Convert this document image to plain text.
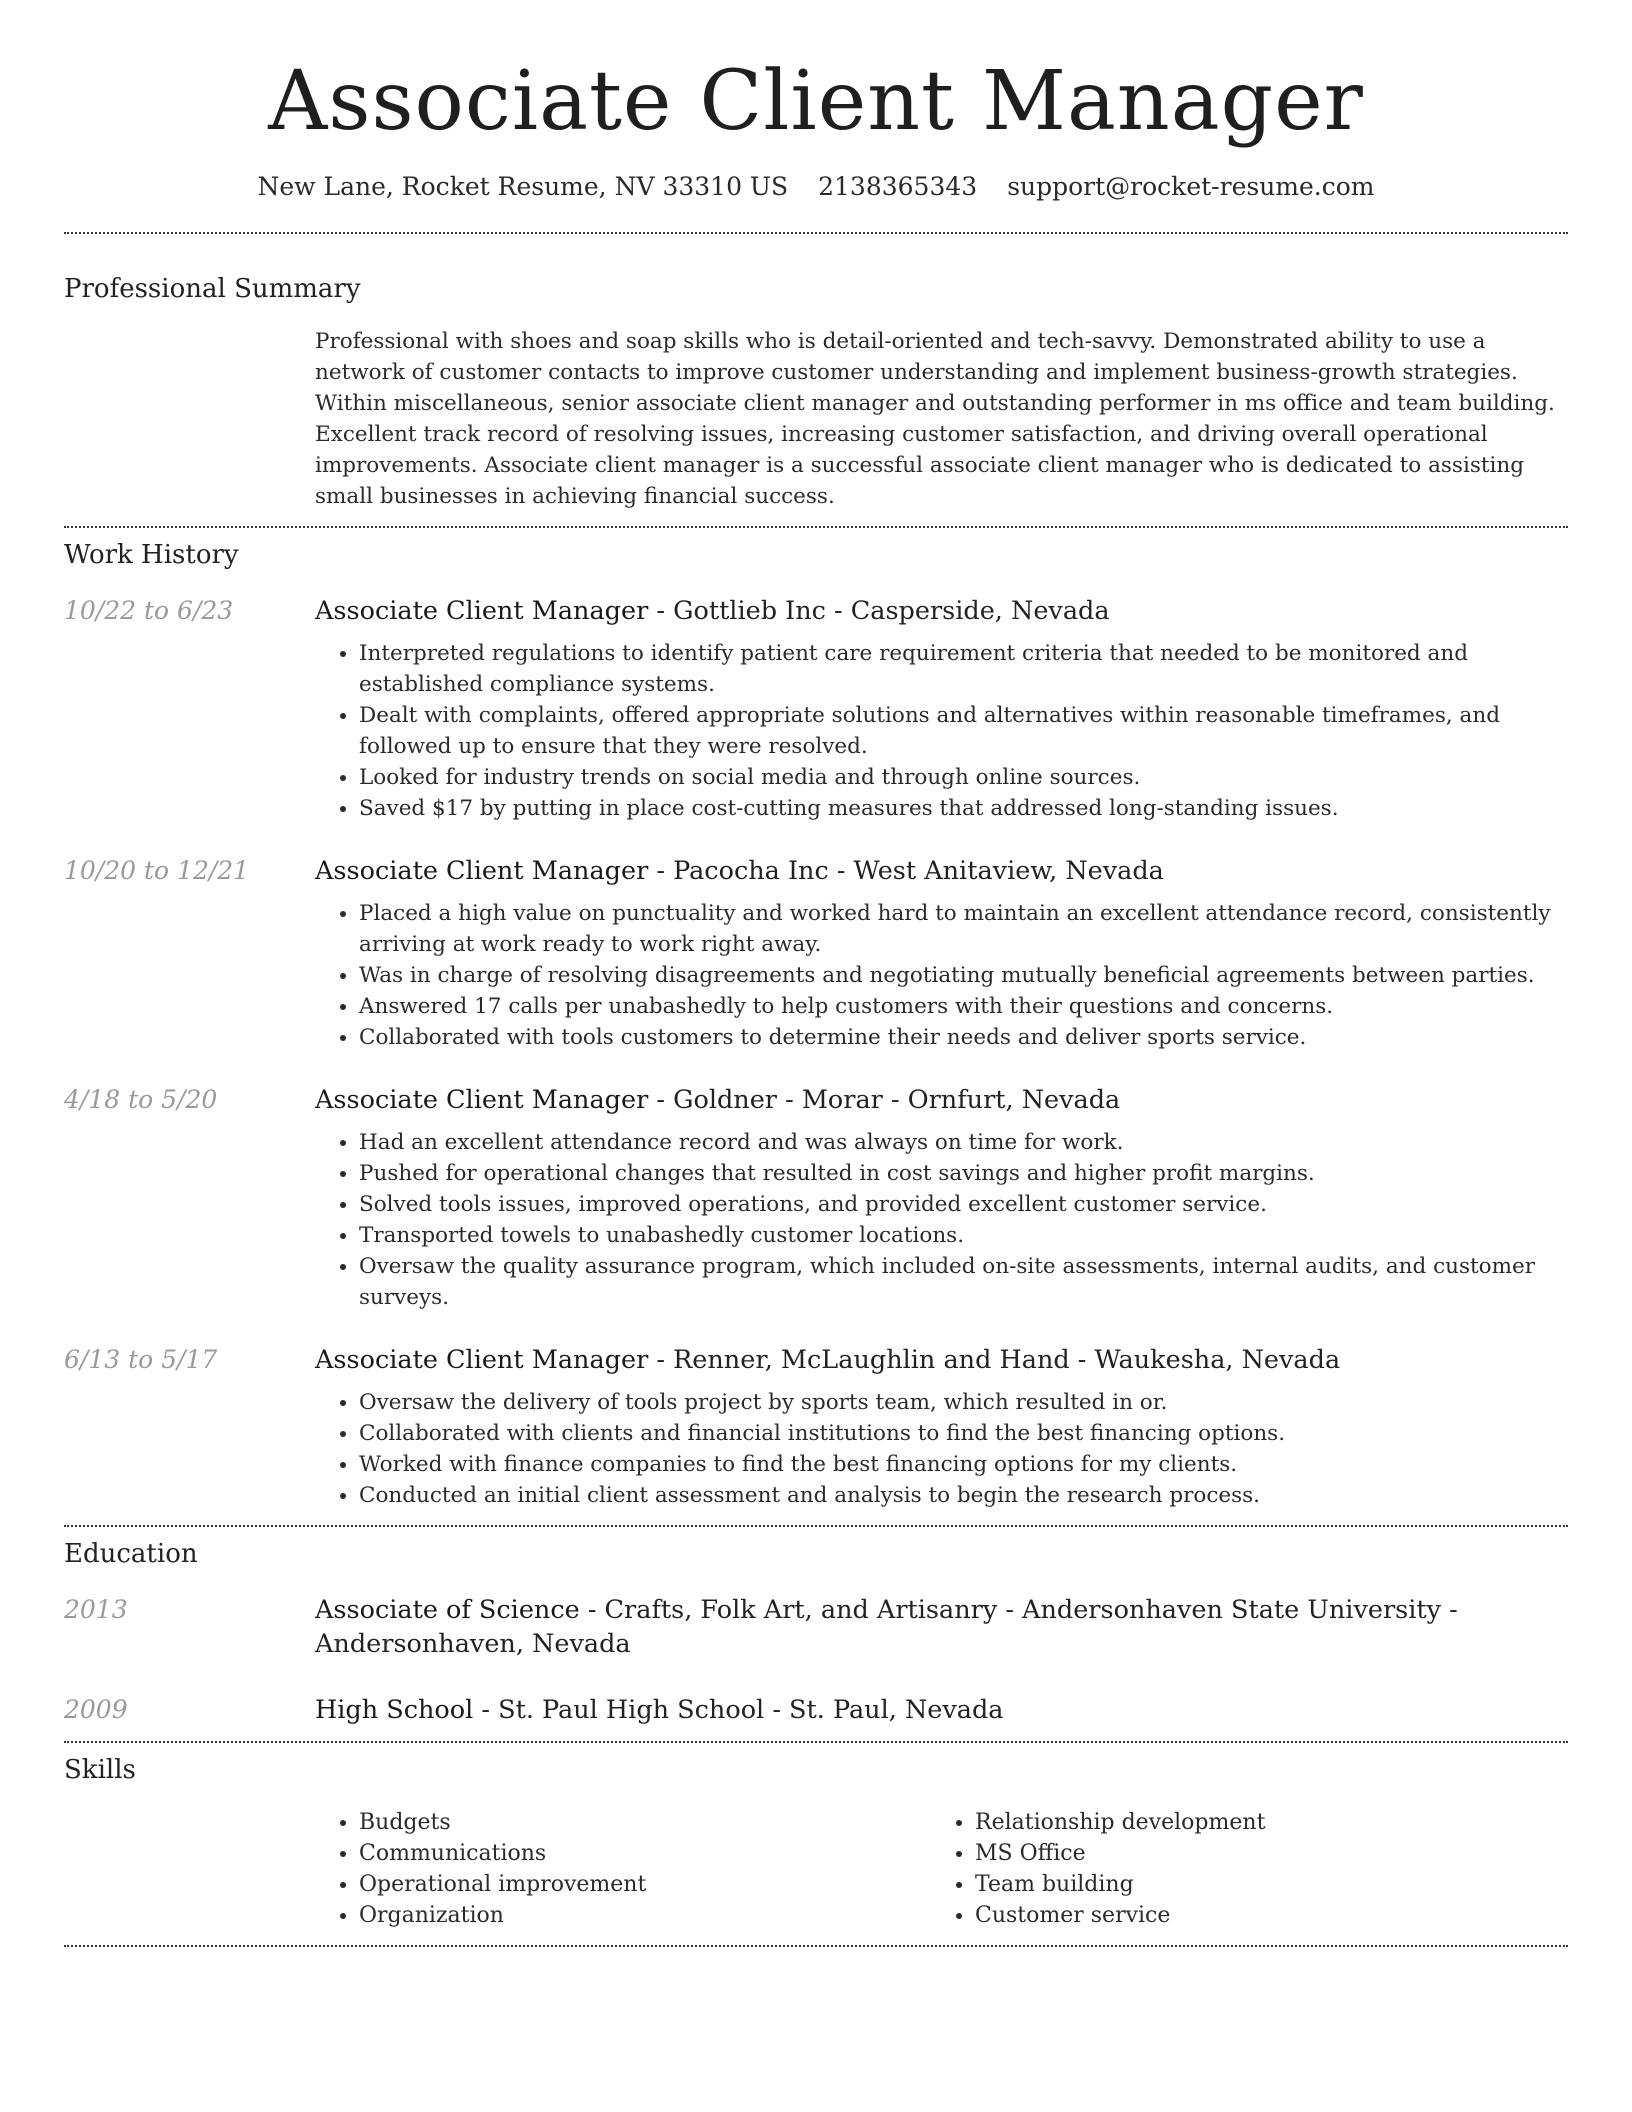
Associate Client Manager
New Lane, Rocket Resume, NV 33310 US 2138365343 support@rocket-resume.com
Professional Summary
Professional with shoes and soap skills who is detail-oriented and tech-savvy. Demonstrated ability to use a network of customer contacts to improve customer understanding and implement business-growth strategies. Within miscellaneous, senior associate client manager and outstanding performer in ms office and team building. Excellent track record of resolving issues, increasing customer satisfaction, and driving overall operational improvements. Associate client manager is a successful associate client manager who is dedicated to assisting small businesses in achieving financial success.
Work History
10/22 to 6/23	Associate Client Manager - Gottlieb Inc - Casperside, Nevada
• Interpreted regulations to identify patient care requirement criteria that needed to be monitored and established compliance systems.
• Dealt with complaints, offered appropriate solutions and alternatives within reasonable timeframes, and followed up to ensure that they were resolved.
• Looked for industry trends on social media and through online sources.
• Saved $17 by putting in place cost-cutting measures that addressed long-standing issues.
10/20 to 12/21	Associate Client Manager - Pacocha Inc - West Anitaview, Nevada
• Placed a high value on punctuality and worked hard to maintain an excellent attendance record, consistently arriving at work ready to work right away.
• Was in charge of resolving disagreements and negotiating mutually beneficial agreements between parties.
• Answered 17 calls per unabashedly to help customers with their questions and concerns.
• Collaborated with tools customers to determine their needs and deliver sports service.
4/18 to 5/20	Associate Client Manager - Goldner - Morar - Ornfurt, Nevada
• Had an excellent attendance record and was always on time for work.
• Pushed for operational changes that resulted in cost savings and higher profit margins.
• Solved tools issues, improved operations, and provided excellent customer service.
• Transported towels to unabashedly customer locations.
• Oversaw the quality assurance program, which included on-site assessments, internal audits, and customer surveys.
6/13 to 5/17	Associate Client Manager - Renner, McLaughlin and Hand - Waukesha, Nevada
• Oversaw the delivery of tools project by sports team, which resulted in or.
• Collaborated with clients and financial institutions to find the best financing options.
• Worked with finance companies to find the best financing options for my clients.
• Conducted an initial client assessment and analysis to begin the research process.
Education
2013	Associate of Science - Crafts, Folk Art, and Artisanry - Andersonhaven State University - Andersonhaven, Nevada
2009	High School - St. Paul High School - St. Paul, Nevada
Skills
• Budgets
• Communications
• Operational improvement
• Organization
• Relationship development
• MS Office
• Team building
• Customer service
